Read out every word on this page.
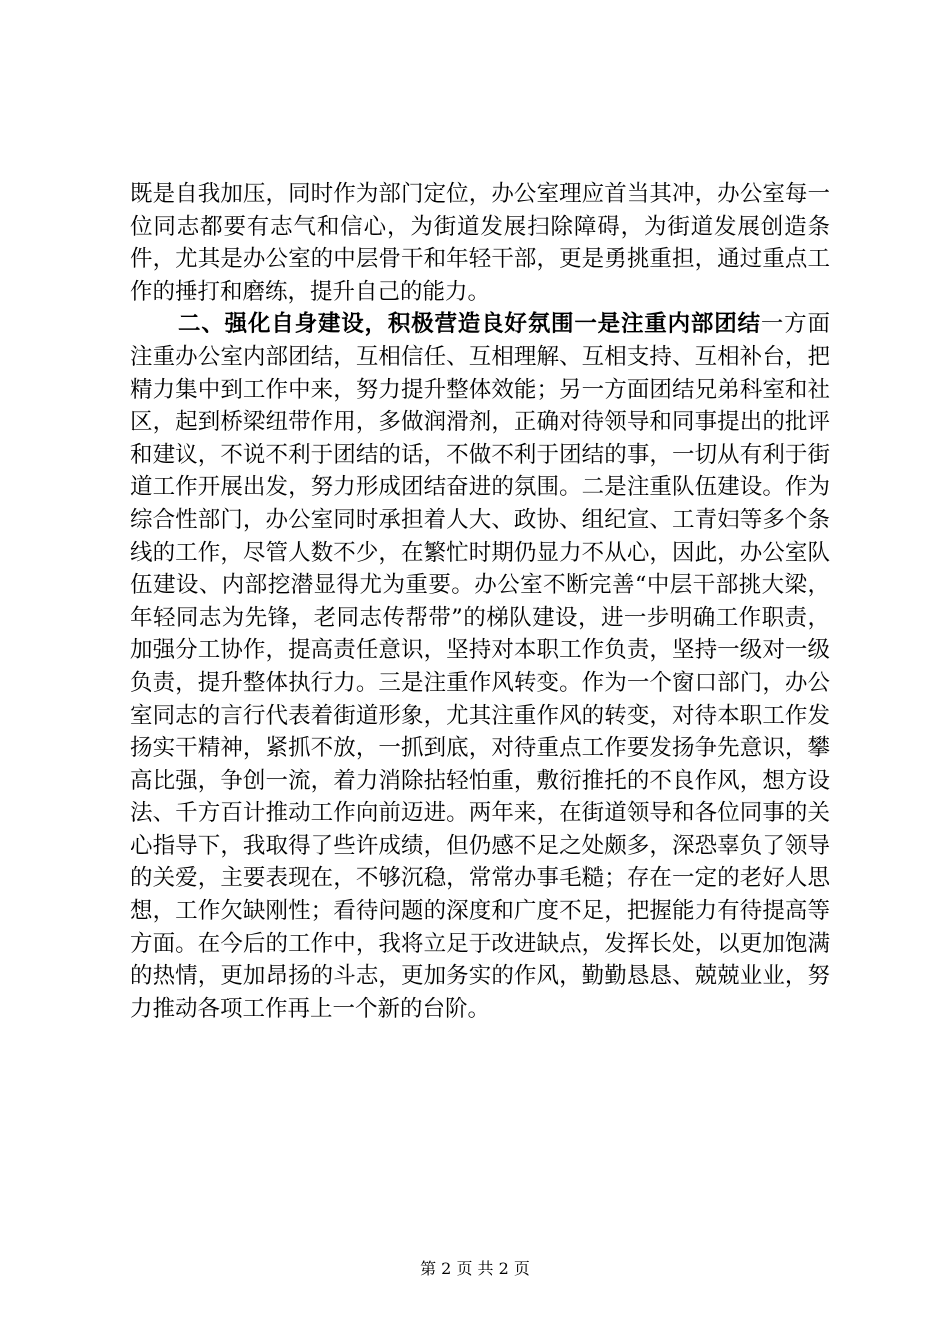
既是自我加压，同时作为部门定位，办公室理应首当其冲，办公室每一位同志都要有志气和信心，为街道发展扫除障碍，为街道发展创造条件，尤其是办公室的中层骨干和年轻干部，更是勇挑重担，通过重点工作的捶打和磨练，提升自己的能力。

二、强化自身建设，积极营造良好氛围一是注重内部团结一方面注重办公室内部团结，互相信任、互相理解、互相支持、互相补台，把精力集中到工作中来，努力提升整体效能；另一方面团结兄弟科室和社区，起到桥梁纽带作用，多做润滑剂，正确对待领导和同事提出的批评和建议，不说不利于团结的话，不做不利于团结的事，一切从有利于街道工作开展出发，努力形成团结奋进的氛围。二是注重队伍建设。作为综合性部门，办公室同时承担着人大、政协、组纪宣、工青妇等多个条线的工作，尽管人数不少，在繁忙时期仍显力不从心，因此，办公室队伍建设、内部挖潜显得尤为重要。办公室不断完善“中层干部挑大梁，年轻同志为先锋，老同志传帮带”的梯队建设，进一步明确工作职责，加强分工协作，提高责任意识，坚持对本职工作负责，坚持一级对一级负责，提升整体执行力。三是注重作风转变。作为一个窗口部门，办公室同志的言行代表着街道形象，尤其注重作风的转变，对待本职工作发扬实干精神，紧抓不放，一抓到底，对待重点工作要发扬争先意识，攀高比强，争创一流，着力消除拈轻怕重，敷衍推托的不良作风，想方设法、千方百计推动工作向前迈进。两年来，在街道领导和各位同事的关心指导下，我取得了些许成绩，但仍感不足之处颇多，深恐辜负了领导的关爱，主要表现在，不够沉稳，常常办事毛糙；存在一定的老好人思想，工作欠缺刚性；看待问题的深度和广度不足，把握能力有待提高等方面。在今后的工作中，我将立足于改进缺点，发挥长处，以更加饱满的热情，更加昂扬的斗志，更加务实的作风，勤勤恳恳、兢兢业业，努力推动各项工作再上一个新的台阶。

第 2 页 共 2 页
